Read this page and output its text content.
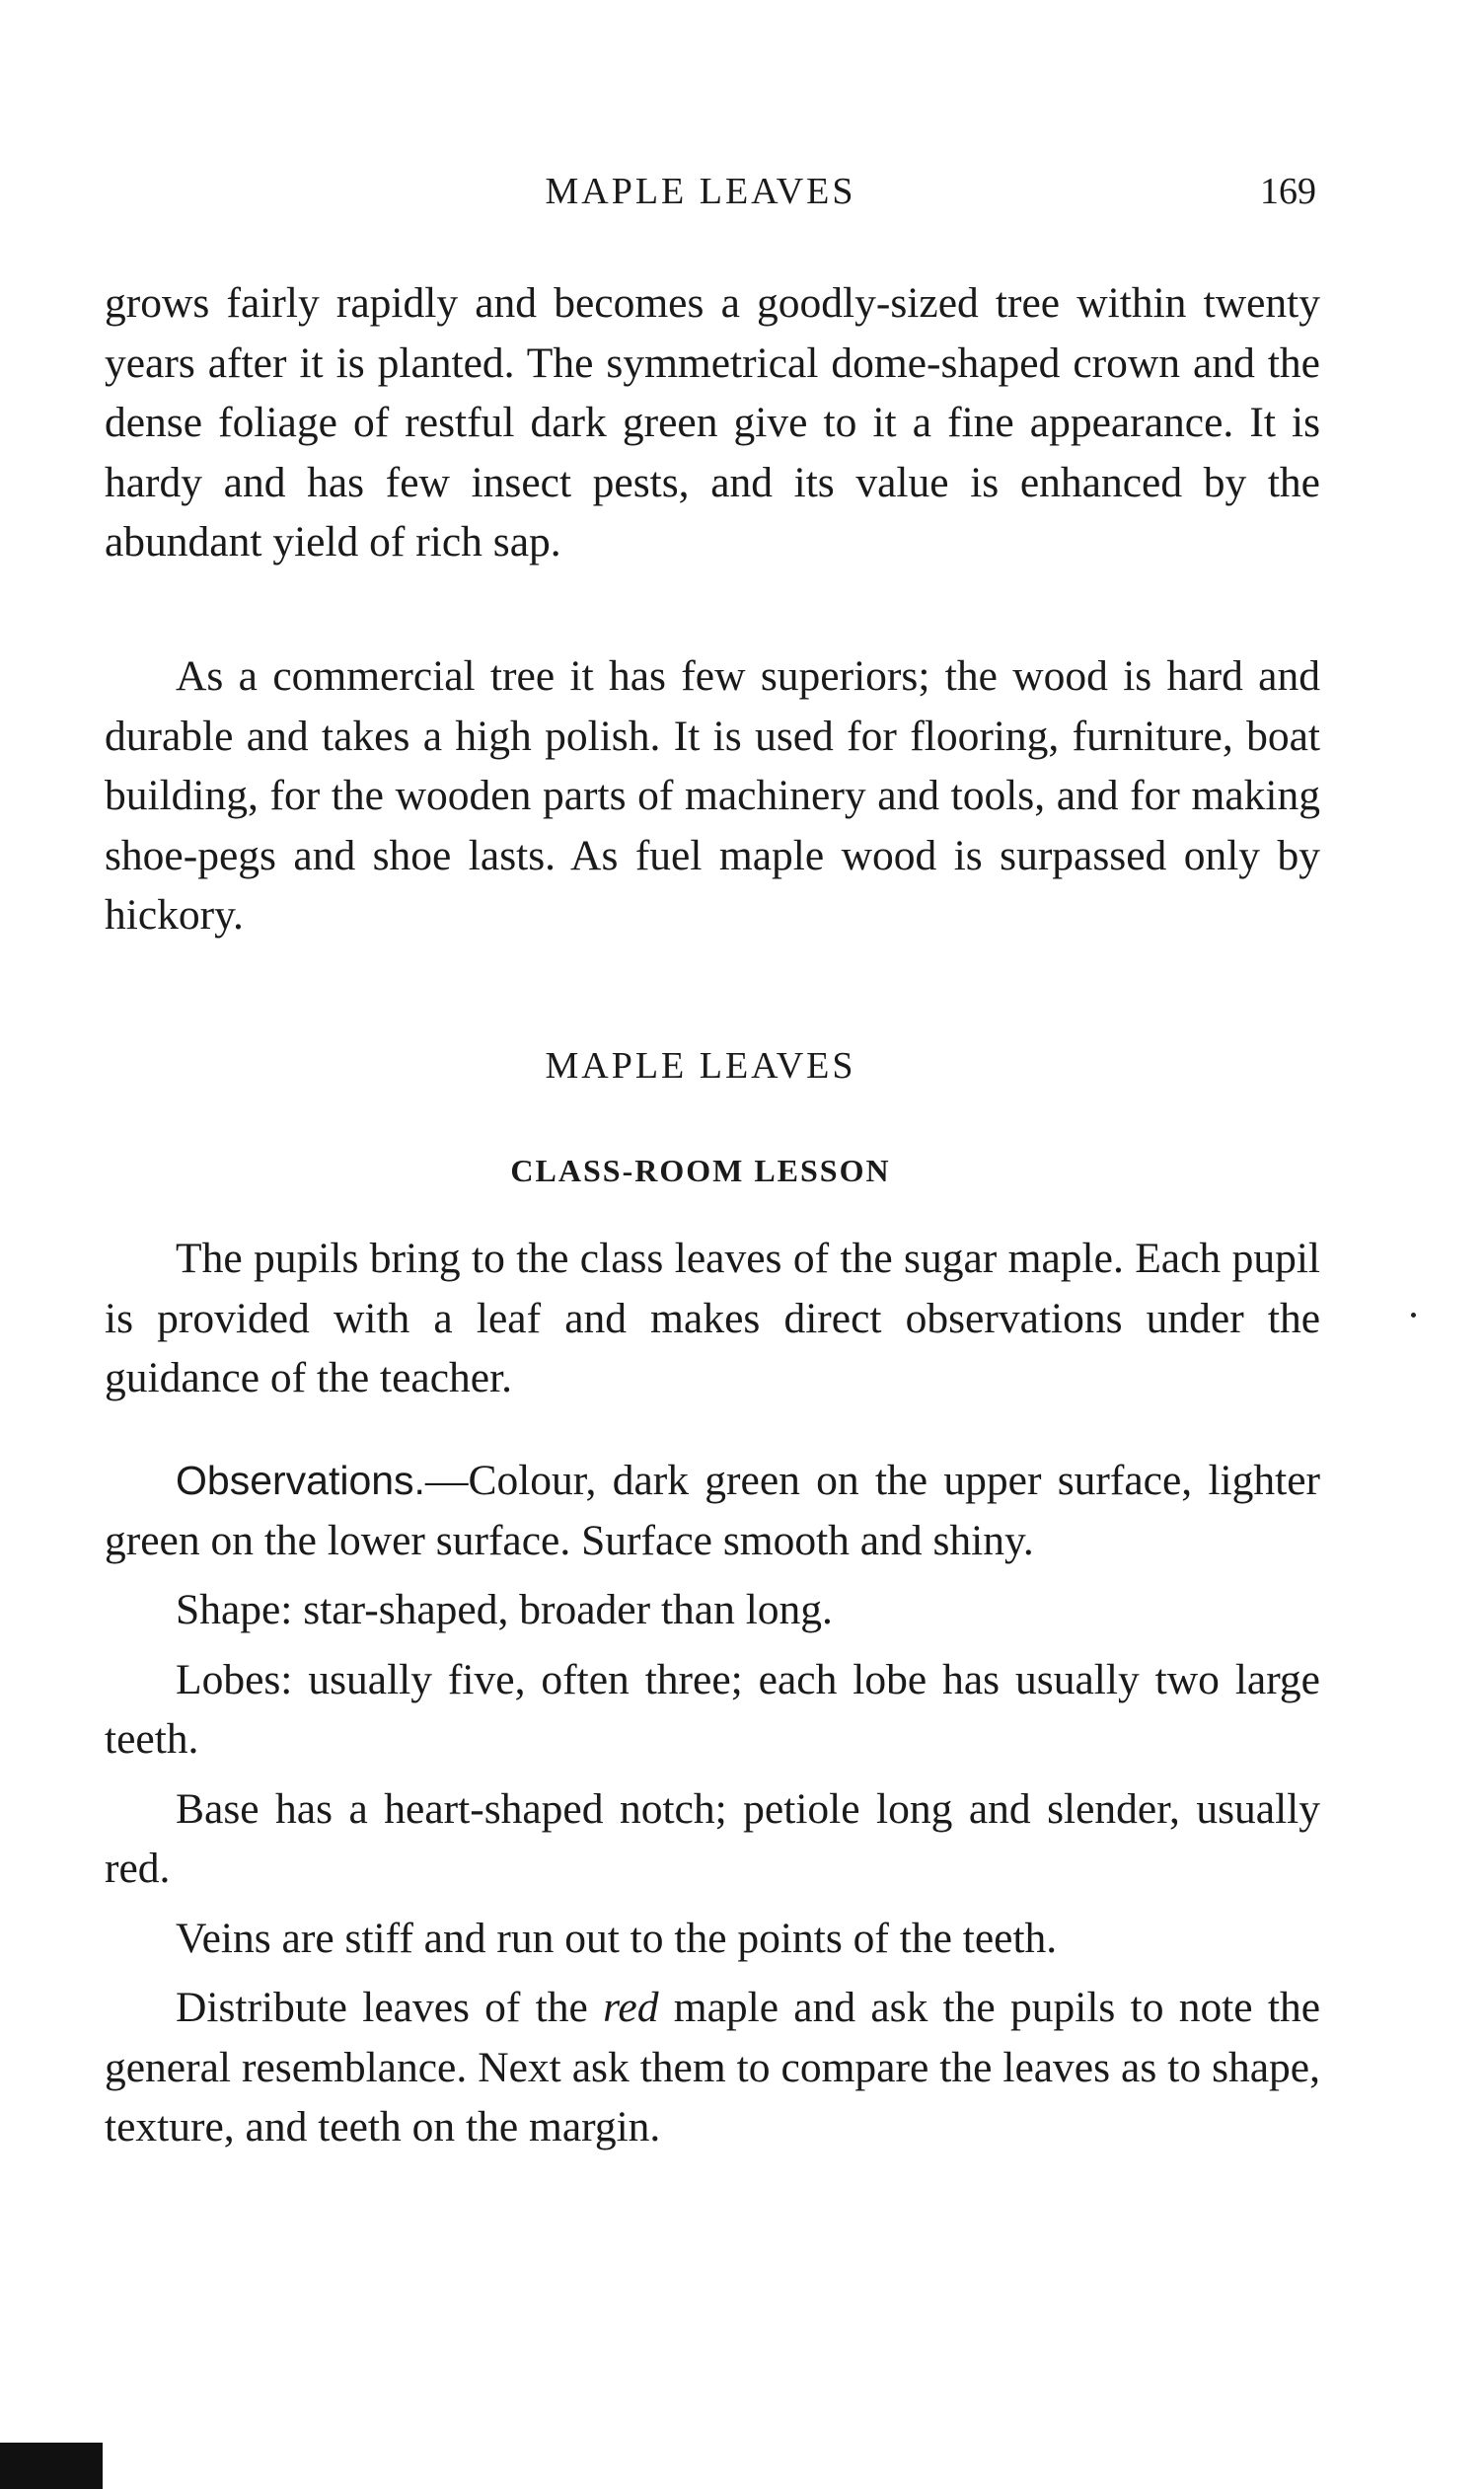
MAPLE LEAVES	169

grows fairly rapidly and becomes a goodly-sized tree within twenty years after it is planted. The symmetrical dome-shaped crown and the dense foliage of restful dark green give to it a fine appearance. It is hardy and has few insect pests, and its value is enhanced by the abundant yield of rich sap.

As a commercial tree it has few superiors; the wood is hard and durable and takes a high polish. It is used for flooring, furniture, boat building, for the wooden parts of machinery and tools, and for making shoe-pegs and shoe lasts. As fuel maple wood is surpassed only by hickory.

MAPLE LEAVES
CLASS-ROOM LESSON

The pupils bring to the class leaves of the sugar maple. Each pupil is provided with a leaf and makes direct observations under the guidance of the teacher.

Observations.—Colour, dark green on the upper surface, lighter green on the lower surface. Surface smooth and shiny.

Shape: star-shaped, broader than long.

Lobes: usually five, often three; each lobe has usually two large teeth.

Base has a heart-shaped notch; petiole long and slender, usually red.

Veins are stiff and run out to the points of the teeth.

Distribute leaves of the red maple and ask the pupils to note the general resemblance. Next ask them to compare the leaves as to shape, texture, and teeth on the margin.
